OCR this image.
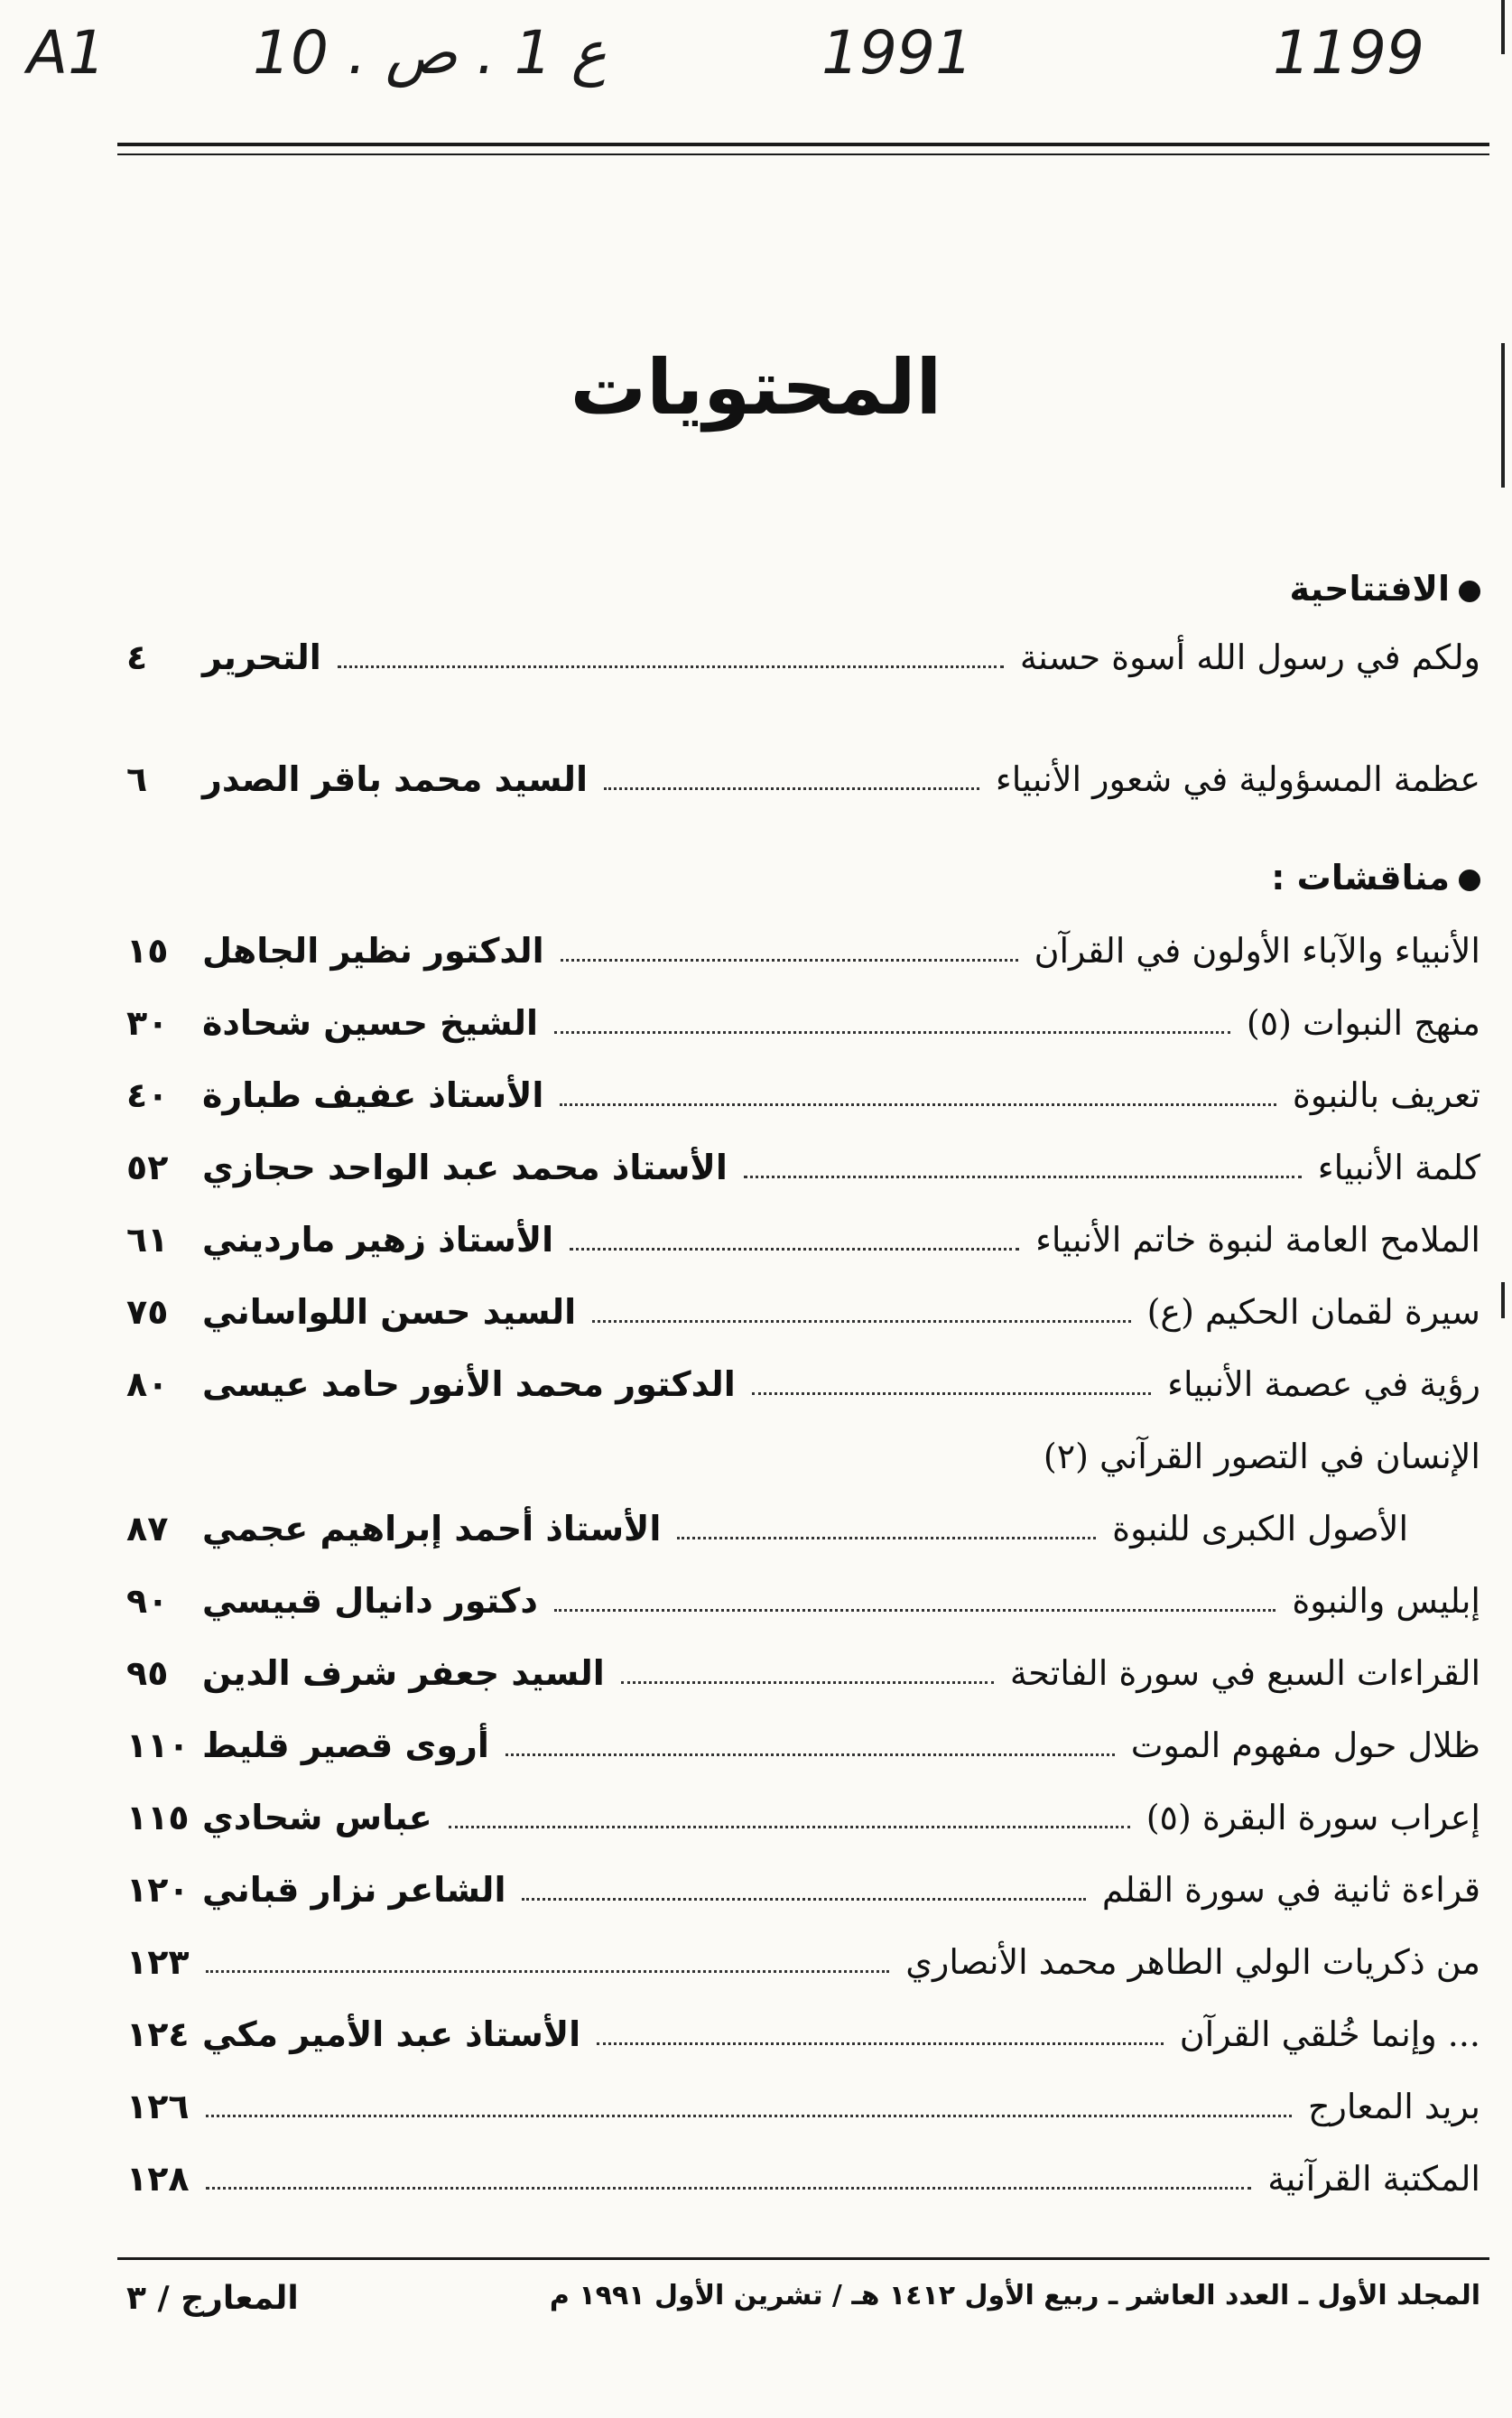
A1 10 . ع 1 . ص	1991	1199
المحتويات
الافتتاحية
ولكم في رسول الله أسوة حسنة
التحرير
٤
عظمة المسؤولية في شعور الأنبياء
السيد محمد باقر الصدر
٦
مناقشات :
الأنبياء والآباء الأولون في القرآن
الدكتور نظير الجاهل
١٥
منهج النبوات (٥)
الشيخ حسين شحادة
٣٠
تعريف بالنبوة
الأستاذ عفيف طبارة
٤٠
كلمة الأنبياء
الأستاذ محمد عبد الواحد حجازي
٥٢
الملامح العامة لنبوة خاتم الأنبياء
الأستاذ زهير مارديني
٦١
سيرة لقمان الحكيم (ع)
السيد حسن اللواساني
٧٥
رؤية في عصمة الأنبياء
الدكتور محمد الأنور حامد عيسى
٨٠
الإنسان في التصور القرآني (٢)
الأصول الكبرى للنبوة
الأستاذ أحمد إبراهيم عجمي
٨٧
إبليس والنبوة
دكتور دانيال قبيسي
٩٠
القراءات السبع في سورة الفاتحة
السيد جعفر شرف الدين
٩٥
ظلال حول مفهوم الموت
أروى قصير قليط
١١٠
إعراب سورة البقرة (٥)
عباس شحادي
١١٥
قراءة ثانية في سورة القلم
الشاعر نزار قباني
١٢٠
من ذكريات الولي الطاهر محمد الأنصاري
١٢٣
... وإنما خُلقي القرآن
الأستاذ عبد الأمير مكي
١٢٤
بريد المعارج
١٢٦
المكتبة القرآنية
١٢٨
المجلد الأول ـ العدد العاشر ـ ربيع الأول ١٤١٢ هـ / تشرين الأول ١٩٩١ م
المعارج / ٣
